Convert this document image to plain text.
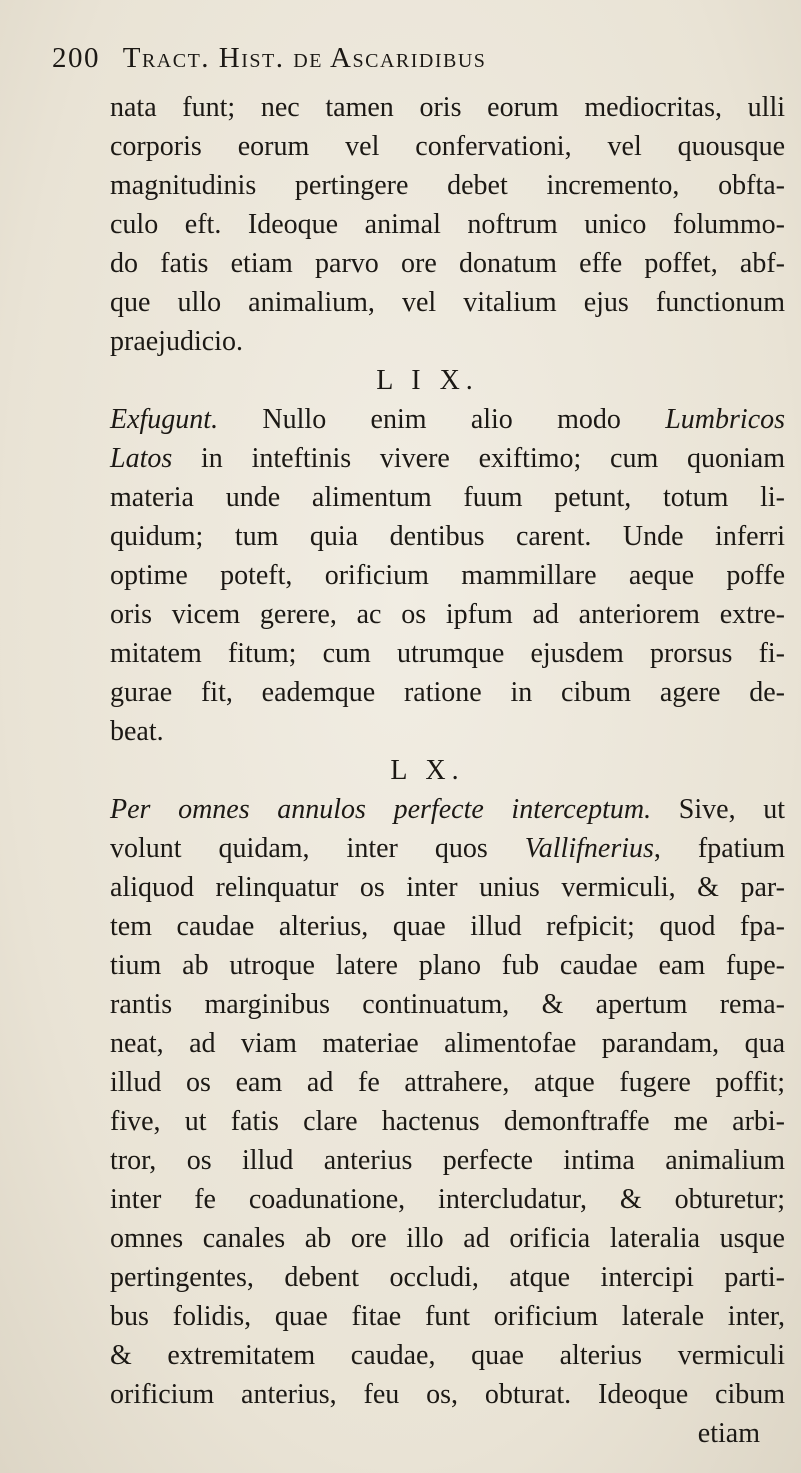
200 Tract. Hist. de Ascaridibus
nata funt; nec tamen oris eorum mediocritas, ulli
corporis eorum vel confervationi, vel quousque
magnitudinis pertingere debet incremento, obfta-
culo eft. Ideoque animal noftrum unico folummo-
do fatis etiam parvo ore donatum effe poffet, abf-
que ullo animalium, vel vitalium ejus functionum
praejudicio.
L I X.
Exfugunt. Nullo enim alio modo Lumbricos
Latos in inteftinis vivere exiftimo; cum quoniam
materia unde alimentum fuum petunt, totum li-
quidum; tum quia dentibus carent. Unde inferri
optime poteft, orificium mammillare aeque poffe
oris vicem gerere, ac os ipfum ad anteriorem extre-
mitatem fitum; cum utrumque ejusdem prorsus fi-
gurae fit, eademque ratione in cibum agere de-
beat.
L X.
Per omnes annulos perfecte interceptum. Sive, ut
volunt quidam, inter quos Vallifnerius, fpatium
aliquod relinquatur os inter unius vermiculi, & par-
tem caudae alterius, quae illud refpicit; quod fpa-
tium ab utroque latere plano fub caudae eam fupe-
rantis marginibus continuatum, & apertum rema-
neat, ad viam materiae alimentofae parandam, qua
illud os eam ad fe attrahere, atque fugere poffit;
five, ut fatis clare hactenus demonftraffe me arbi-
tror, os illud anterius perfecte intima animalium
inter fe coadunatione, intercludatur, & obturetur;
omnes canales ab ore illo ad orificia lateralia usque
pertingentes, debent occludi, atque intercipi parti-
bus folidis, quae fitae funt orificium laterale inter,
& extremitatem caudae, quae alterius vermiculi
orificium anterius, feu os, obturat. Ideoque cibum
etiam
